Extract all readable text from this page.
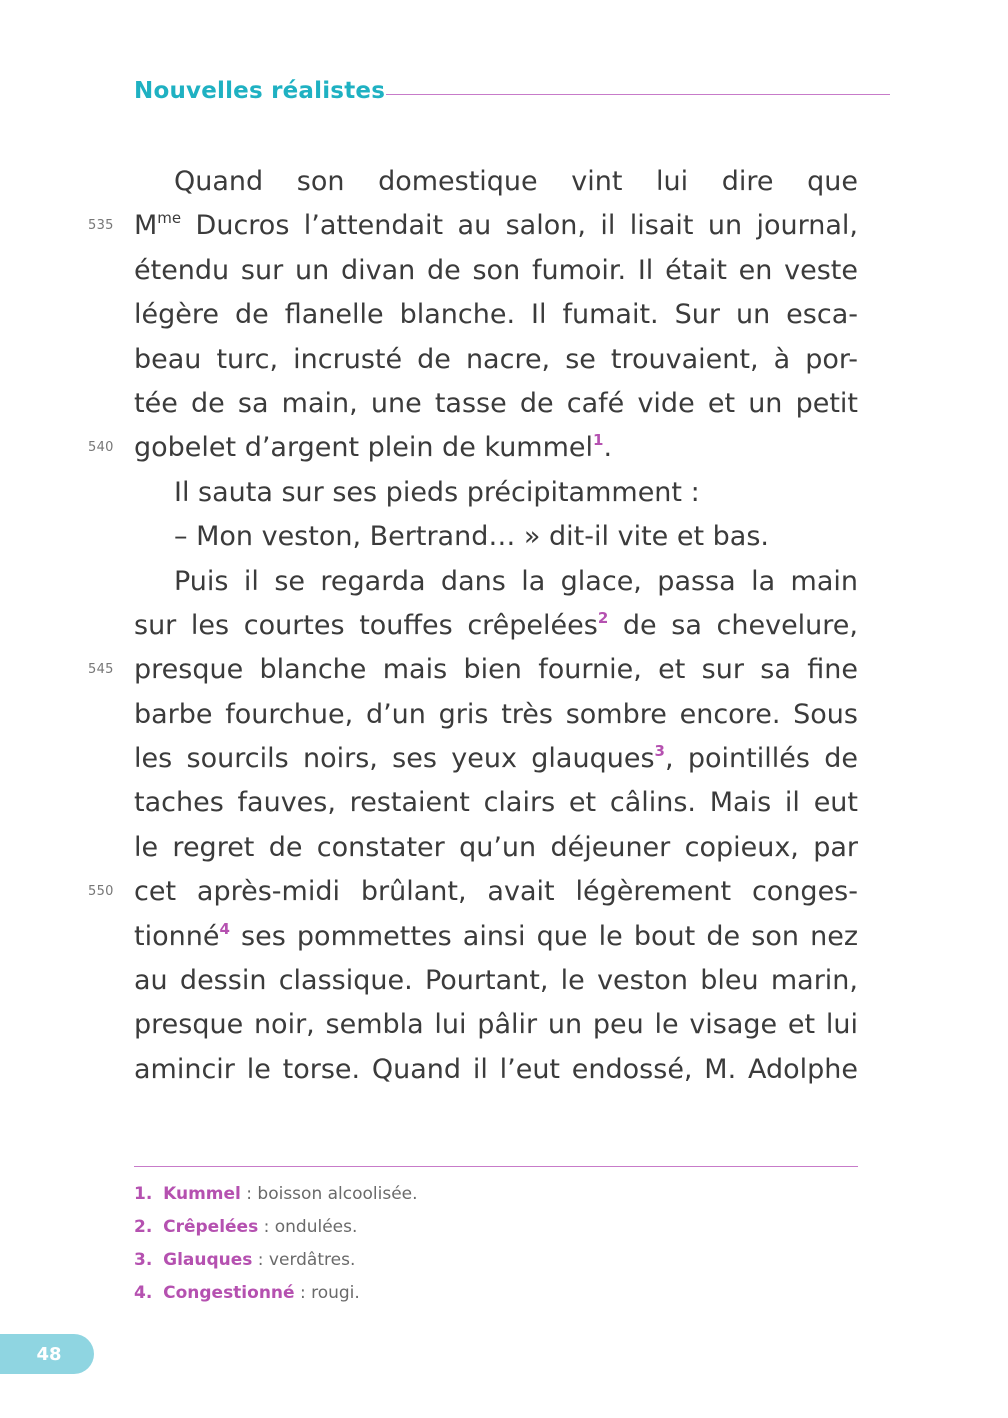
Nouvelles réalistes
Quand son domestique vint lui dire que
$M^{me}$ Ducros l’attendait au salon, il lisait un journal,
étendu sur un divan de son fumoir. Il était en veste
légère de flanelle blanche. Il fumait. Sur un esca-
beau turc, incrusté de nacre, se trouvaient, à por-
tée de sa main, une tasse de café vide et un petit
gobelet d’argent plein de kummel$^1$.
Il sauta sur ses pieds précipitamment :
– Mon veston, Bertrand… » dit-il vite et bas.
Puis il se regarda dans la glace, passa la main
sur les courtes touffes crêpelées$^2$ de sa chevelure,
presque blanche mais bien fournie, et sur sa fine
barbe fourchue, d’un gris très sombre encore. Sous
les sourcils noirs, ses yeux glauques$^3$, pointillés de
taches fauves, restaient clairs et câlins. Mais il eut
le regret de constater qu’un déjeuner copieux, par
cet après-midi brûlant, avait légèrement conges-
tionné$^4$ ses pommettes ainsi que le bout de son nez
au dessin classique. Pourtant, le veston bleu marin,
presque noir, sembla lui pâlir un peu le visage et lui
amincir le torse. Quand il l’eut endossé, M. Adolphe
535
540
545
550
1. Kummel : boisson alcoolisée.
2. Crêpelées : ondulées.
3. Glauques : verdâtres.
4. Congestionné : rougi.
48
